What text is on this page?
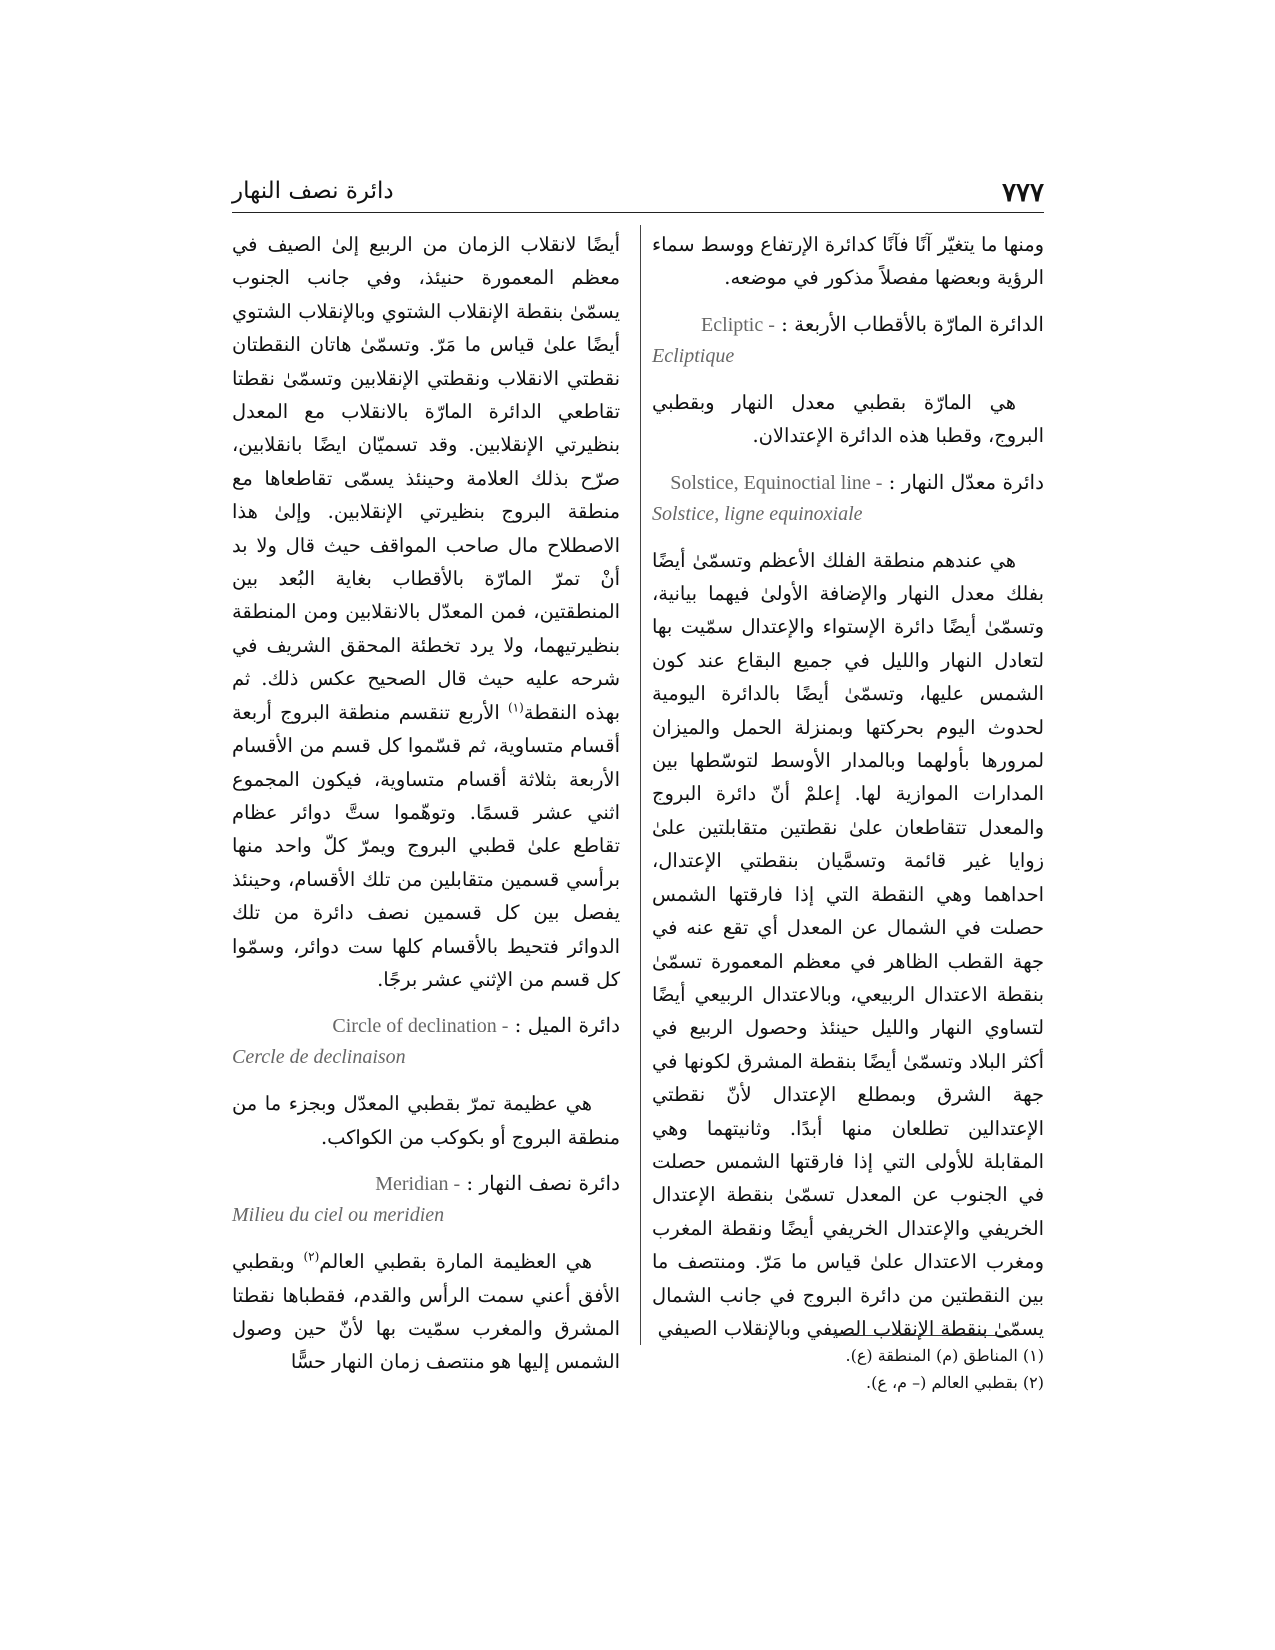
٧٧٧
دائرة نصف النهار

ومنها ما يتغيّر آنًا فآنًا كدائرة الإرتفاع ووسط سماء الرؤية وبعضها مفصلاً مذكور في موضعه.

الدائرة المارّة بالأقطاب الأربعة : Ecliptic -
Ecliptique

هي المارّة بقطبي معدل النهار وبقطبي البروج، وقطبا هذه الدائرة الإعتدالان.

دائرة معدّل النهار : Solstice, Equinoctial line -
Solstice, ligne equinoxiale

هي عندهم منطقة الفلك الأعظم وتسمّىٰ أيضًا بفلك معدل النهار والإضافة الأولىٰ فيهما بيانية، وتسمّىٰ أيضًا دائرة الإستواء والإعتدال سمّيت بها لتعادل النهار والليل في جميع البقاع عند كون الشمس عليها، وتسمّىٰ أيضًا بالدائرة اليومية لحدوث اليوم بحركتها وبمنزلة الحمل والميزان لمرورها بأولهما وبالمدار الأوسط لتوسّطها بين المدارات الموازية لها. إعلمْ أنّ دائرة البروج والمعدل تتقاطعان علىٰ نقطتين متقابلتين علىٰ زوايا غير قائمة وتسمَّيان بنقطتي الإعتدال، احداهما وهي النقطة التي إذا فارقتها الشمس حصلت في الشمال عن المعدل أي تقع عنه في جهة القطب الظاهر في معظم المعمورة تسمّىٰ بنقطة الاعتدال الربيعي، وبالاعتدال الربيعي أيضًا لتساوي النهار والليل حينئذ وحصول الربيع في أكثر البلاد وتسمّىٰ أيضًا بنقطة المشرق لكونها في جهة الشرق وبمطلع الإعتدال لأنّ نقطتي الإعتدالين تطلعان منها أبدًا. وثانيتهما وهي المقابلة للأولى التي إذا فارقتها الشمس حصلت في الجنوب عن المعدل تسمّىٰ بنقطة الإعتدال الخريفي والإعتدال الخريفي أيضًا ونقطة المغرب ومغرب الاعتدال علىٰ قياس ما مَرّ. ومنتصف ما بين النقطتين من دائرة البروج في جانب الشمال يسمّىٰ بنقطة الإنقلاب الصيفي وبالإنقلاب الصيفي

أيضًا لانقلاب الزمان من الربيع إلىٰ الصيف في معظم المعمورة حنيئذ، وفي جانب الجنوب يسمّىٰ بنقطة الإنقلاب الشتوي وبالإنقلاب الشتوي أيضًا علىٰ قياس ما مَرّ. وتسمّىٰ هاتان النقطتان نقطتي الانقلاب ونقطتي الإنقلابين وتسمّىٰ نقطتا تقاطعي الدائرة المارّة بالانقلاب مع المعدل بنظيرتي الإنقلابين. وقد تسميّان ايضًا بانقلابين، صرّح بذلك العلامة وحينئذ يسمّى تقاطعاها مع منطقة البروج بنظيرتي الإنقلابين. وإلىٰ هذا الاصطلاح مال صاحب المواقف حيث قال ولا بد أنْ تمرّ المارّة بالأقطاب بغاية البُعد بين المنطقتين، فمن المعدّل بالانقلابين ومن المنطقة بنظيرتيهما، ولا يرد تخطئة المحقق الشريف في شرحه عليه حيث قال الصحيح عكس ذلك. ثم بهذه النقطة$^{(١)}$ الأربع تنقسم منطقة البروج أربعة أقسام متساوية، ثم قسّموا كل قسم من الأقسام الأربعة بثلاثة أقسام متساوية، فيكون المجموع اثني عشر قسمًا. وتوهّموا ستَّ دوائر عظام تقاطع علىٰ قطبي البروج ويمرّ كلّ واحد منها برأسي قسمين متقابلين من تلك الأقسام، وحينئذ يفصل بين كل قسمين نصف دائرة من تلك الدوائر فتحيط بالأقسام كلها ست دوائر، وسمّوا كل قسم من الإثني عشر برجًا.

دائرة الميل : Circle of declination -
Cercle de declinaison

هي عظيمة تمرّ بقطبي المعدّل وبجزء ما من منطقة البروج أو بكوكب من الكواكب.

دائرة نصف النهار : Meridian -
Milieu du ciel ou meridien

هي العظيمة المارة بقطبي العالم$^{(٢)}$ وبقطبي الأفق أعني سمت الرأس والقدم، فقطباها نقطتا المشرق والمغرب سمّيت بها لأنّ حين وصول الشمس إليها هو منتصف زمان النهار حسًّا	(١) المناطق (م) المنطقة (ع).
(٢) بقطبي العالم (– م، ع).
